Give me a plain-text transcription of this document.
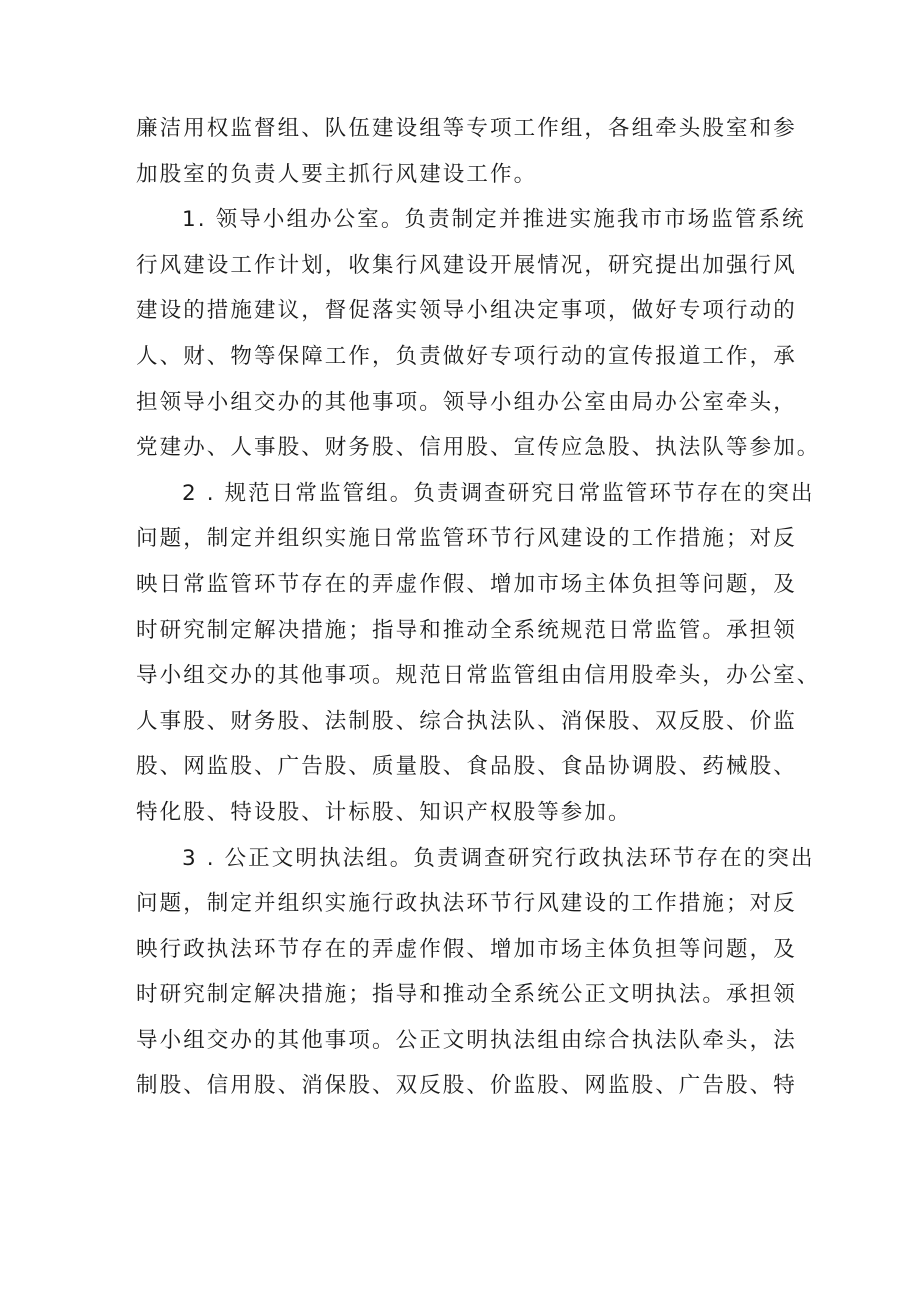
廉洁用权监督组、队伍建设组等专项工作组，各组牵头股室和参
加股室的负责人要主抓行风建设工作。
1. 领导小组办公室。负责制定并推进实施我市市场监管系统
行风建设工作计划，收集行风建设开展情况，研究提出加强行风
建设的措施建议，督促落实领导小组决定事项，做好专项行动的
人、财、物等保障工作，负责做好专项行动的宣传报道工作，承
担领导小组交办的其他事项。领导小组办公室由局办公室牵头，
党建办、人事股、财务股、信用股、宣传应急股、执法队等参加。
2 . 规范日常监管组。负责调查研究日常监管环节存在的突出
问题，制定并组织实施日常监管环节行风建设的工作措施；对反
映日常监管环节存在的弄虚作假、增加市场主体负担等问题，及
时研究制定解决措施；指导和推动全系统规范日常监管。承担领
导小组交办的其他事项。规范日常监管组由信用股牵头，办公室、
人事股、财务股、法制股、综合执法队、消保股、双反股、价监
股、网监股、广告股、质量股、食品股、食品协调股、药械股、
特化股、特设股、计标股、知识产权股等参加。
3 . 公正文明执法组。负责调查研究行政执法环节存在的突出
问题，制定并组织实施行政执法环节行风建设的工作措施；对反
映行政执法环节存在的弄虚作假、增加市场主体负担等问题，及
时研究制定解决措施；指导和推动全系统公正文明执法。承担领
导小组交办的其他事项。公正文明执法组由综合执法队牵头，法
制股、信用股、消保股、双反股、价监股、网监股、广告股、特
